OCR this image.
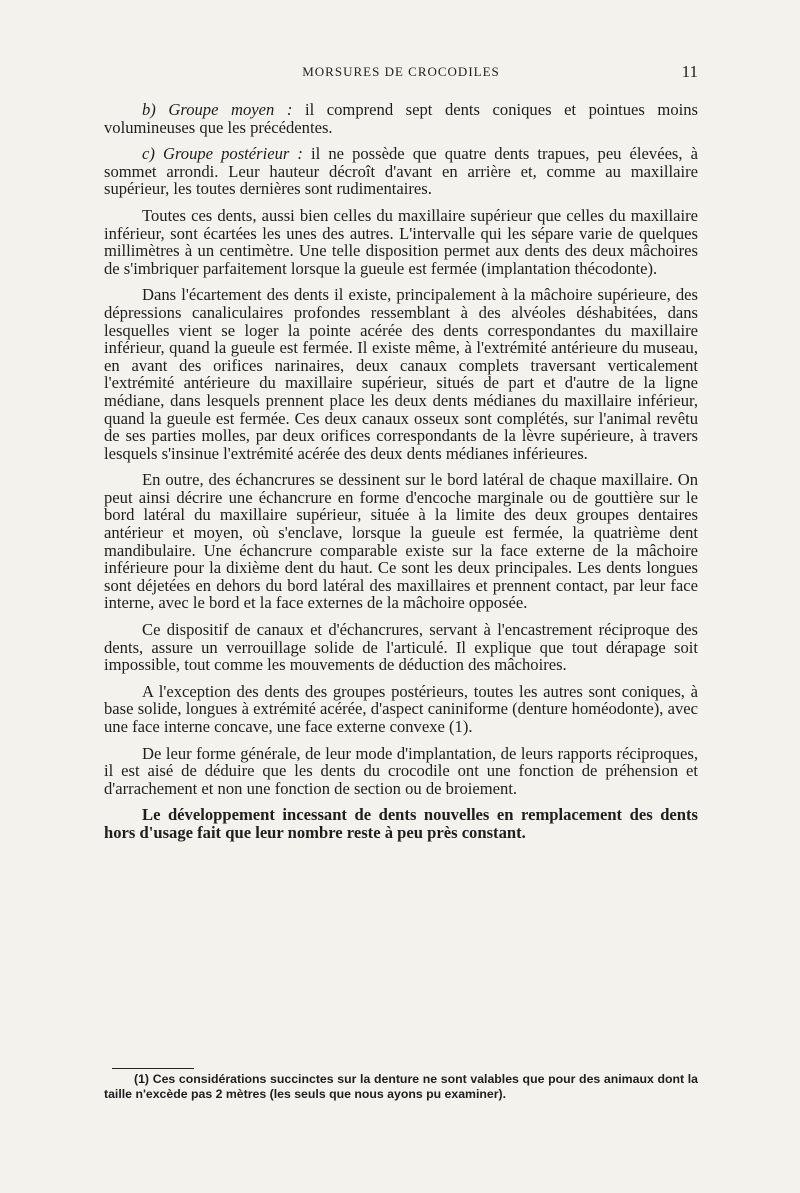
MORSURES DE CROCODILES	11

b) Groupe moyen : il comprend sept dents coniques et pointues moins volumineuses que les précédentes.

c) Groupe postérieur : il ne possède que quatre dents trapues, peu élevées, à sommet arrondi. Leur hauteur décroît d'avant en arrière et, comme au maxillaire supérieur, les toutes dernières sont rudimentaires.

Toutes ces dents, aussi bien celles du maxillaire supérieur que celles du maxillaire inférieur, sont écartées les unes des autres. L'intervalle qui les sépare varie de quelques millimètres à un centimètre. Une telle disposition permet aux dents des deux mâchoires de s'imbriquer parfaitement lorsque la gueule est fermée (implantation thécodonte).

Dans l'écartement des dents il existe, principalement à la mâchoire supérieure, des dépressions canaliculaires profondes ressemblant à des alvéoles déshabitées, dans lesquelles vient se loger la pointe acérée des dents correspondantes du maxillaire inférieur, quand la gueule est fermée. Il existe même, à l'extrémité antérieure du museau, en avant des orifices narinaires, deux canaux complets traversant verticalement l'extrémité antérieure du maxillaire supérieur, situés de part et d'autre de la ligne médiane, dans lesquels prennent place les deux dents médianes du maxillaire inférieur, quand la gueule est fermée. Ces deux canaux osseux sont complétés, sur l'animal revêtu de ses parties molles, par deux orifices correspondants de la lèvre supérieure, à travers lesquels s'insinue l'extrémité acérée des deux dents médianes inférieures.

En outre, des échancrures se dessinent sur le bord latéral de chaque maxillaire. On peut ainsi décrire une échancrure en forme d'encoche marginale ou de gouttière sur le bord latéral du maxillaire supérieur, située à la limite des deux groupes dentaires antérieur et moyen, où s'enclave, lorsque la gueule est fermée, la quatrième dent mandibulaire. Une échancrure comparable existe sur la face externe de la mâchoire inférieure pour la dixième dent du haut. Ce sont les deux principales. Les dents longues sont déjetées en dehors du bord latéral des maxillaires et prennent contact, par leur face interne, avec le bord et la face externes de la mâchoire opposée.

Ce dispositif de canaux et d'échancrures, servant à l'encastrement réciproque des dents, assure un verrouillage solide de l'articulé. Il explique que tout dérapage soit impossible, tout comme les mouvements de déduction des mâchoires.

A l'exception des dents des groupes postérieurs, toutes les autres sont coniques, à base solide, longues à extrémité acérée, d'aspect caniniforme (denture homéodonte), avec une face interne concave, une face externe convexe (1).

De leur forme générale, de leur mode d'implantation, de leurs rapports réciproques, il est aisé de déduire que les dents du crocodile ont une fonction de préhension et d'arrachement et non une fonction de section ou de broiement.

Le développement incessant de dents nouvelles en remplacement des dents hors d'usage fait que leur nombre reste à peu près constant.

(1) Ces considérations succinctes sur la denture ne sont valables que pour des animaux dont la taille n'excède pas 2 mètres (les seuls que nous ayons pu examiner).
